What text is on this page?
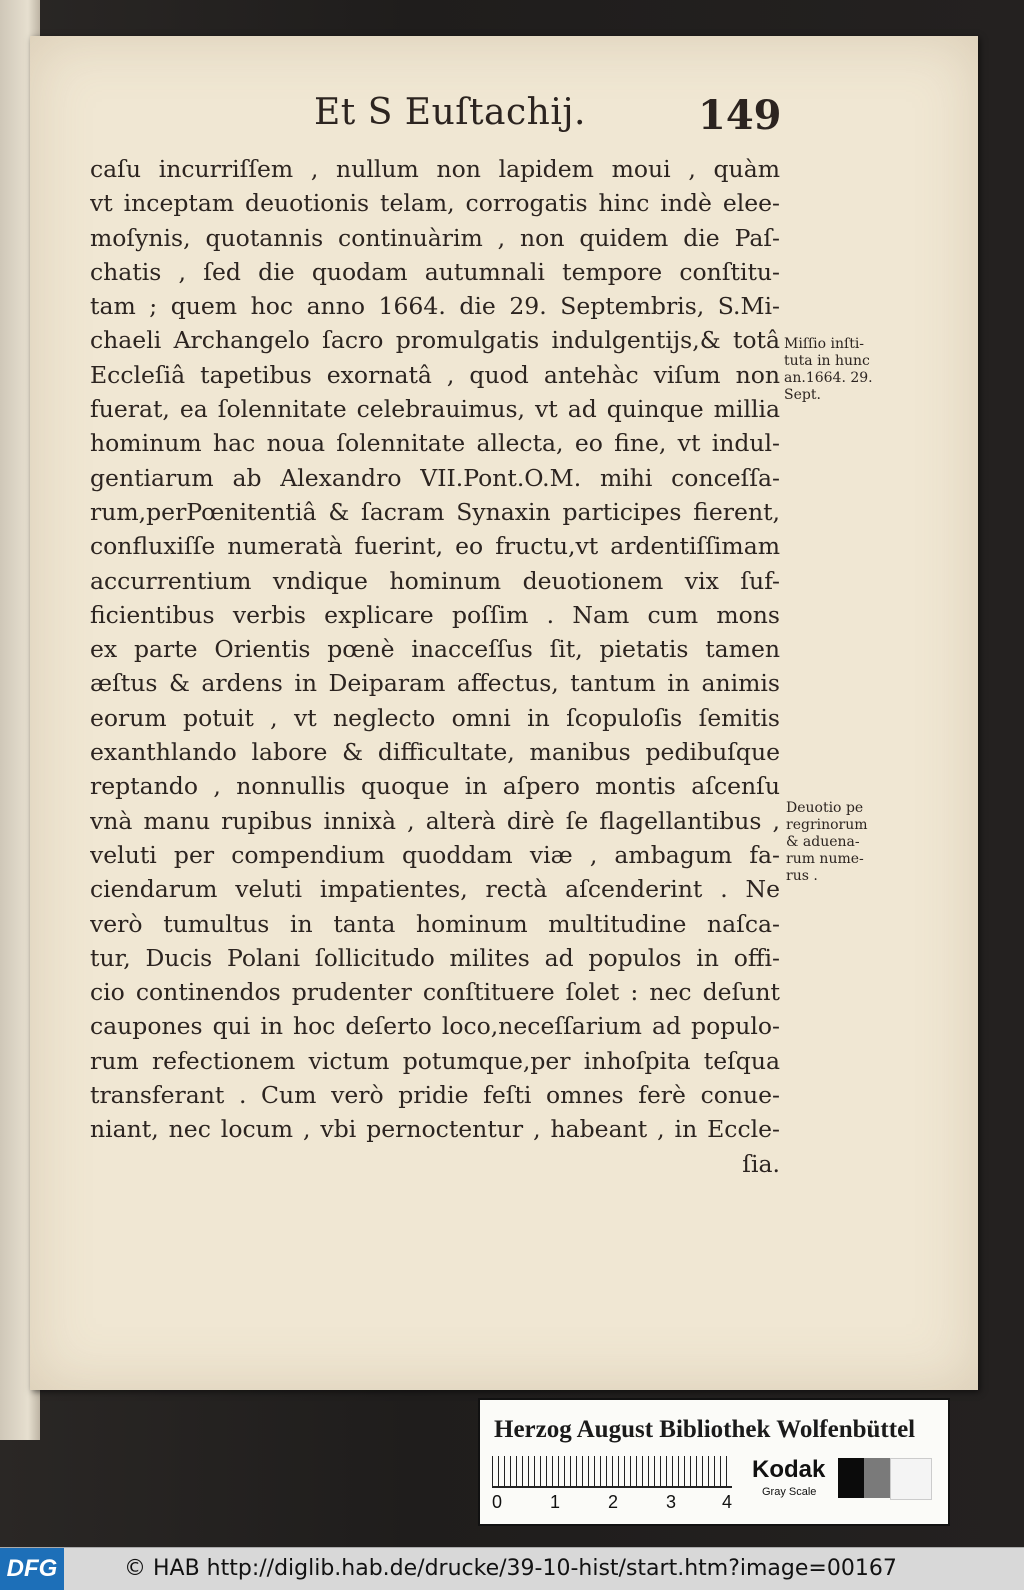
Et S Euſtachij.	149
caſu incurriſſem , nullum non lapidem moui , quàm
vt inceptam deuotionis telam, corrogatis hinc indè elee-
moſynis, quotannis continuàrim , non quidem die Paſ-
chatis , ſed die quodam autumnali tempore conſtitu-
tam ; quem hoc anno 1664. die 29. Septembris, S.Mi-
chaeli Archangelo ſacro promulgatis indulgentijs,& totâ
Eccleſiâ tapetibus exornatâ , quod antehàc viſum non
fuerat, ea ſolennitate celebrauimus, vt ad quinque millia
hominum hac noua ſolennitate allecta, eo fine, vt indul-
gentiarum ab Alexandro VII.Pont.O.M. mihi conceſſa-
rum,perPœnitentiâ & ſacram Synaxin participes fierent,
confluxiſſe numeratà fuerint, eo fructu,vt ardentiſſimam
accurrentium vndique hominum deuotionem vix ſuf-
ficientibus verbis explicare poſſim . Nam cum mons
ex parte Orientis pœnè inacceſſus ſit, pietatis tamen
æſtus & ardens in Deiparam affectus, tantum in animis
eorum potuit , vt neglecto omni in ſcopuloſis ſemitis
exanthlando labore & difficultate, manibus pedibuſque
reptando , nonnullis quoque in aſpero montis aſcenſu
vnà manu rupibus innixà , alterà dirè ſe flagellantibus ,
veluti per compendium quoddam viæ , ambagum fa-
ciendarum veluti impatientes, rectà aſcenderint . Ne
verò tumultus in tanta hominum multitudine naſca-
tur, Ducis Polani ſollicitudo milites ad populos in offi-
cio continendos prudenter conſtituere ſolet : nec deſunt
caupones qui in hoc deſerto loco,neceſſarium ad populo-
rum refectionem victum potumque,per inhoſpita teſqua
transferant . Cum verò pridie feſti omnes ferè conue-
niant, nec locum , vbi pernoctentur , habeant , in Eccle-
ſia.
Miſſio inſti-
tuta in hunc
an.1664. 29.
Sept.
Deuotio pe
regrinorum
& aduena-
rum nume-
rus .
Herzog August Bibliothek Wolfenbüttel
0	1	2	3	4
Kodak
Gray Scale
DFG	© HAB http://diglib.hab.de/drucke/39-10-hist/start.htm?image=00167
